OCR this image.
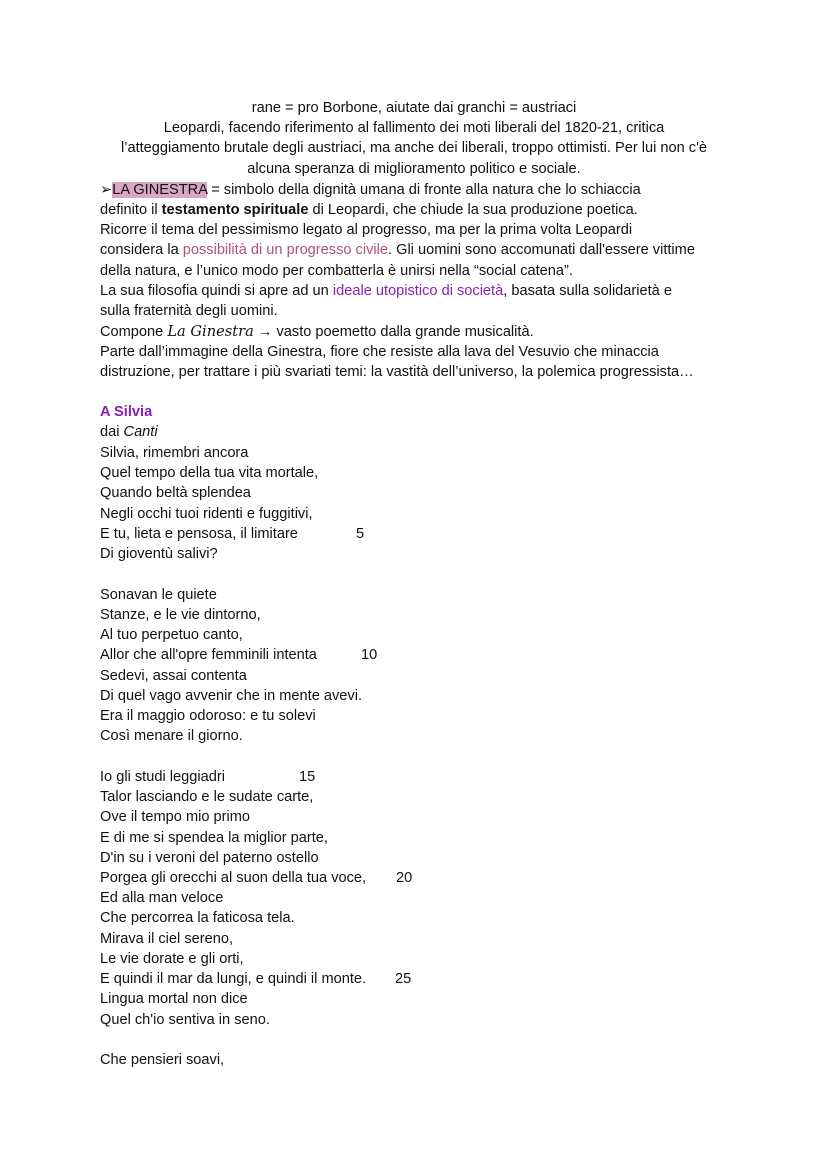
rane = pro Borbone, aiutate dai granchi = austriaci
Leopardi, facendo riferimento al fallimento dei moti liberali del 1820-21, critica
l’atteggiamento brutale degli austriaci, ma anche dei liberali, troppo ottimisti. Per lui non c'è
alcuna speranza di miglioramento politico e sociale.
➢LA GINESTRA = simbolo della dignità umana di fronte alla natura che lo schiaccia
definito il testamento spirituale di Leopardi, che chiude la sua produzione poetica.
Ricorre il tema del pessimismo legato al progresso, ma per la prima volta Leopardi
considera la possibilità di un progresso civile. Gli uomini sono accomunati dall'essere vittime
della natura, e l’unico modo per combatterla è unirsi nella “social catena”.
La sua filosofia quindi si apre ad un ideale utopistico di società, basata sulla solidarietà e
sulla fraternità degli uomini.
Compone La Ginestra → vasto poemetto dalla grande musicalità.
Parte dall’immagine della Ginestra, fiore che resiste alla lava del Vesuvio che minaccia
distruzione, per trattare i più svariati temi: la vastità dell’universo, la polemica progressista…
A Silvia
dai Canti
Silvia, rimembri ancora
Quel tempo della tua vita mortale,
Quando beltà splendea
Negli occhi tuoi ridenti e fuggitivi,
E tu, lieta e pensosa, il limitare	5
Di gioventù salivi?
Sonavan le quiete
Stanze, e le vie dintorno,
Al tuo perpetuo canto,
Allor che all'opre femminili intenta	10
Sedevi, assai contenta
Di quel vago avvenir che in mente avevi.
Era il maggio odoroso: e tu solevi
Così menare il giorno.
Io gli studi leggiadri	15
Talor lasciando e le sudate carte,
Ove il tempo mio primo
E di me si spendea la miglior parte,
D'in su i veroni del paterno ostello
Porgea gli orecchi al suon della tua voce, 20
Ed alla man veloce
Che percorrea la faticosa tela.
Mirava il ciel sereno,
Le vie dorate e gli orti,
E quindi il mar da lungi, e quindi il monte. 25
Lingua mortal non dice
Quel ch'io sentiva in seno.
Che pensieri soavi,
